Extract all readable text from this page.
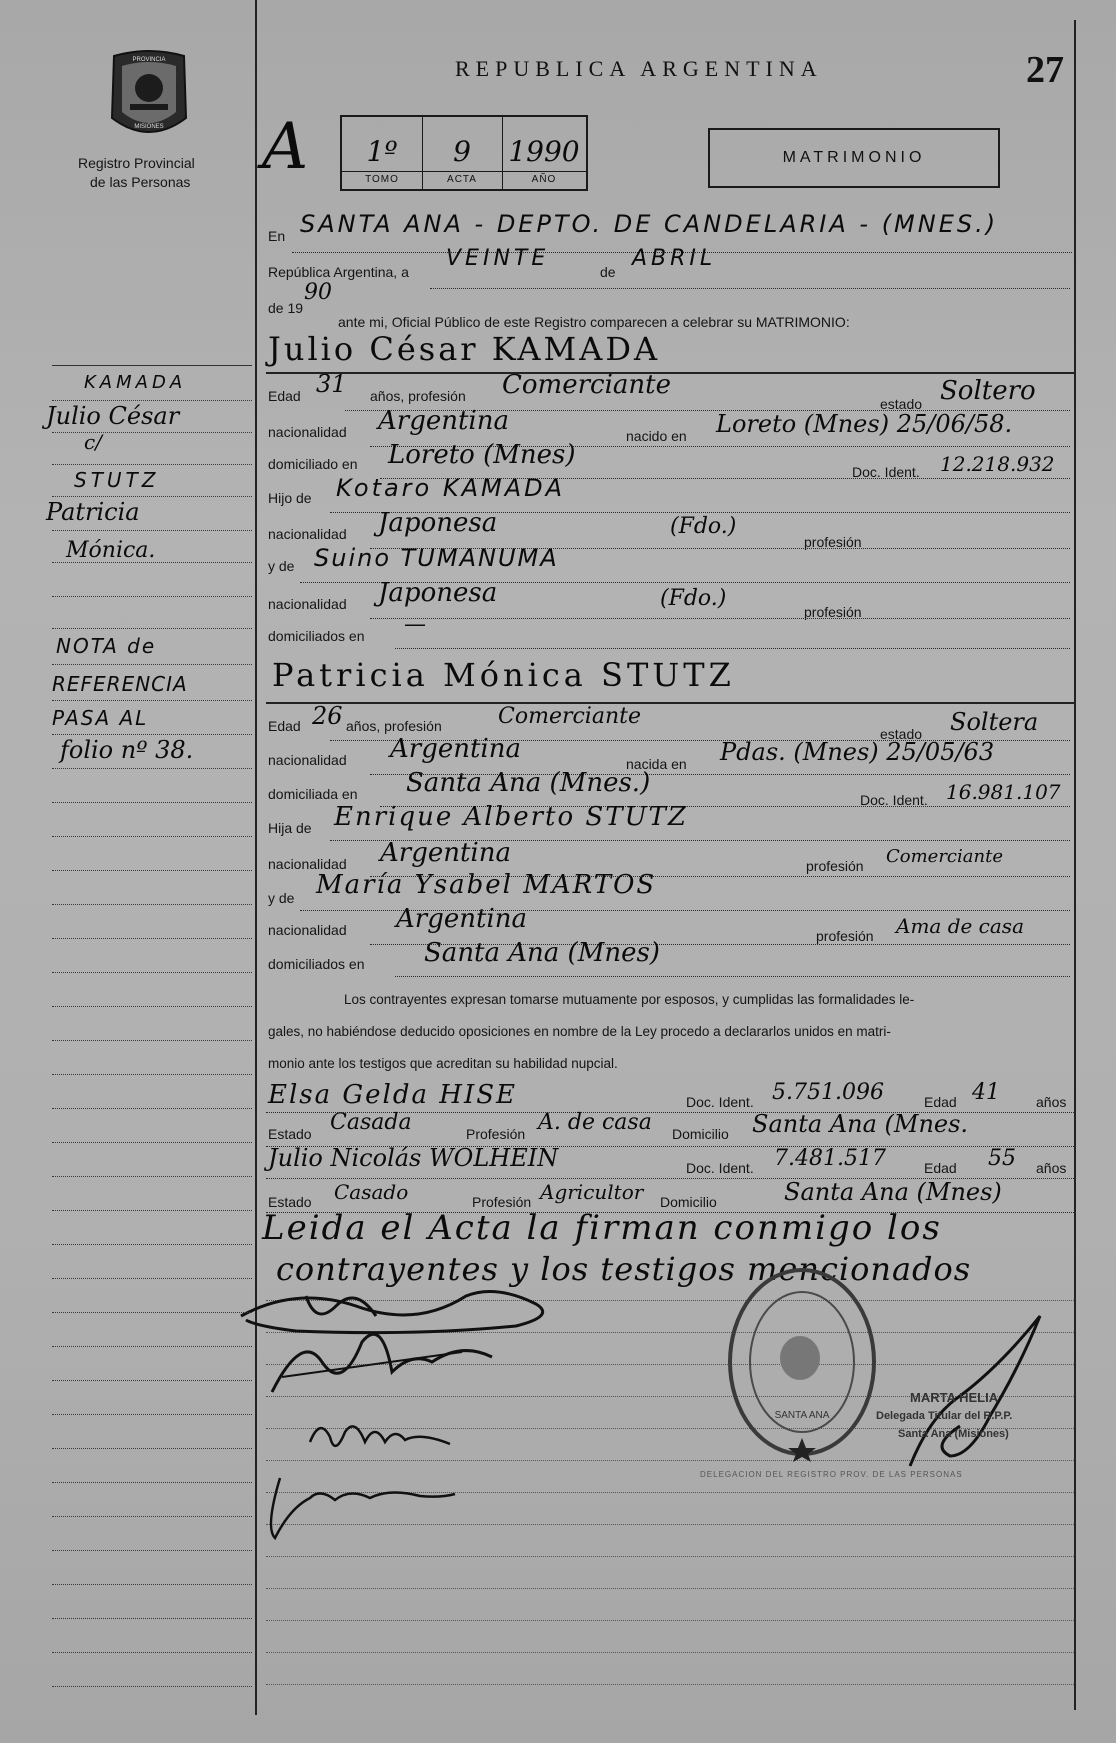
PROVINCIA
MISIONES
Registro Provincial
de las Personas
REPUBLICA ARGENTINA	27
A	1º
TOMO
9
ACTA
1990
AÑO
MATRIMONIO
En SANTA ANA - DEPTO. DE CANDELARIA - (MNES.)
República Argentina, a
VEINTE
de
ABRIL
de 19
90
ante mi, Oficial Público de este Registro comparecen a celebrar su MATRIMONIO:
Julio César KAMADA
Edad 31 años, profesión Comerciante
estado Soltero
nacionalidad Argentina	nacido en Loreto (Mnes) 25/06/58.
domiciliado en Loreto (Mnes)
Doc. Ident. 12.218.932
Hijo de Kotaro KAMADA
nacionalidad Japonesa	(Fdo.)
profesión
y de Suino TUMANUMA
nacionalidad Japonesa	(Fdo.)
profesión
domiciliados en —
Patricia Mónica STUTZ
Edad 26 años, profesión	Comerciante
estado Soltera
nacionalidad Argentina	nacida en Pdas. (Mnes) 25/05/63
domiciliada en Santa Ana (Mnes.)
Doc. Ident. 16.981.107
Hija de Enrique Alberto STUTZ
nacionalidad Argentina	profesión Comerciante
y de María Ysabel MARTOS
nacionalidad Argentina
profesión Ama de casa
domiciliados en Santa Ana (Mnes)
Los contrayentes expresan tomarse mutuamente por esposos, y cumplidas las formalidades le-
gales, no habiéndose deducido oposiciones en nombre de la Ley procedo a declararlos unidos en matri-
monio ante los testigos que acreditan su habilidad nupcial.
Elsa Gelda HISE	Doc. Ident. 5.751.096	Edad 41	años
Estado Casada	Profesión A. de casa Domicilio Santa Ana (Mnes.
Julio Nicolás WOLHEIN	Doc. Ident. 7.481.517	Edad 55 años
Estado Casado	Profesión Agricultor Domicilio	Santa Ana (Mnes)
Leida el Acta la firman conmigo los
contrayentes y los testigos mencionados
SANTA ANA
MARTA HELIA
Delegada Titular del R.P.P.
Santa Ana (Misiones)
DELEGACION DEL REGISTRO PROV. DE LAS PERSONAS
KAMADA
Julio César
c/
STUTZ
Patricia
Mónica.
NOTA de
REFERENCIA
PASA AL
folio nº 38.
